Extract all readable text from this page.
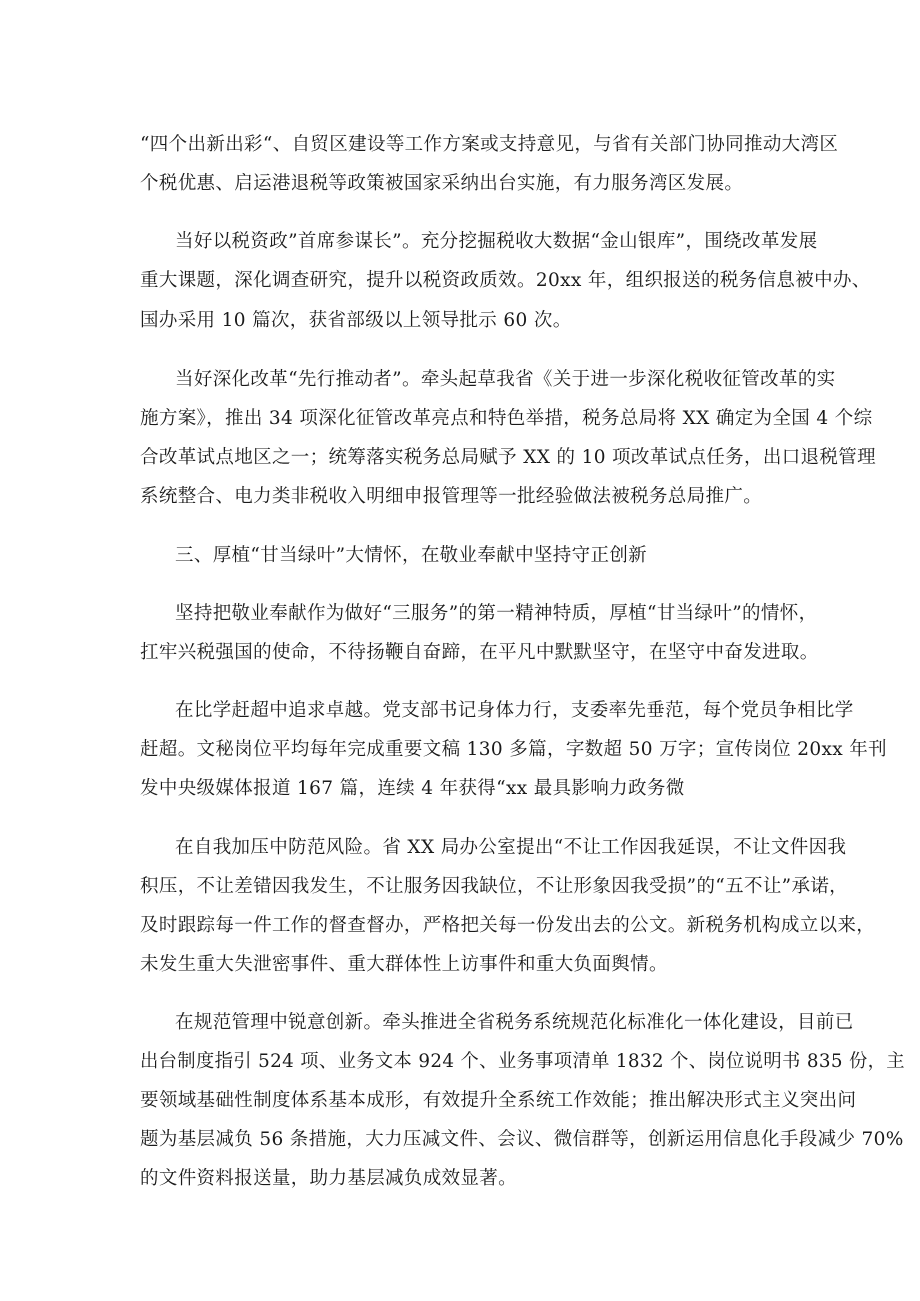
“四个出新出彩“、自贸区建设等工作方案或支持意见，与省有关部门协同推动大湾区
个税优惠、启运港退税等政策被国家采纳出台实施，有力服务湾区发展。
当好以税资政”首席参谋长”。充分挖掘税收大数据“金山银库”，围绕改革发展
重大课题，深化调查研究，提升以税资政质效。20xx 年，组织报送的税务信息被中办、
国办采用 10 篇次，获省部级以上领导批示 60 次。
当好深化改革“先行推动者”。牵头起草我省《关于进一步深化税收征管改革的实
施方案》，推出 34 项深化征管改革亮点和特色举措，税务总局将 XX 确定为全国 4 个综
合改革试点地区之一；统筹落实税务总局赋予 XX 的 10 项改革试点任务，出口退税管理
系统整合、电力类非税收入明细申报管理等一批经验做法被税务总局推广。
三、厚植“甘当绿叶”大情怀，在敬业奉献中坚持守正创新
坚持把敬业奉献作为做好“三服务”的第一精神特质，厚植“甘当绿叶”的情怀，
扛牢兴税强国的使命，不待扬鞭自奋蹄，在平凡中默默坚守，在坚守中奋发进取。
在比学赶超中追求卓越。党支部书记身体力行，支委率先垂范，每个党员争相比学
赶超。文秘岗位平均每年完成重要文稿 130 多篇，字数超 50 万字；宣传岗位 20xx 年刊
发中央级媒体报道 167 篇，连续 4 年获得“xx 最具影响力政务微
在自我加压中防范风险。省 XX 局办公室提出“不让工作因我延误，不让文件因我
积压，不让差错因我发生，不让服务因我缺位，不让形象因我受损”的“五不让”承诺，
及时跟踪每一件工作的督查督办，严格把关每一份发出去的公文。新税务机构成立以来，
未发生重大失泄密事件、重大群体性上访事件和重大负面舆情。
在规范管理中锐意创新。牵头推进全省税务系统规范化标准化一体化建设，目前已
出台制度指引 524 项、业务文本 924 个、业务事项清单 1832 个、岗位说明书 835 份，主
要领域基础性制度体系基本成形，有效提升全系统工作效能；推出解决形式主义突出问
题为基层减负 56 条措施，大力压减文件、会议、微信群等，创新运用信息化手段减少 70%
的文件资料报送量，助力基层减负成效显著。
